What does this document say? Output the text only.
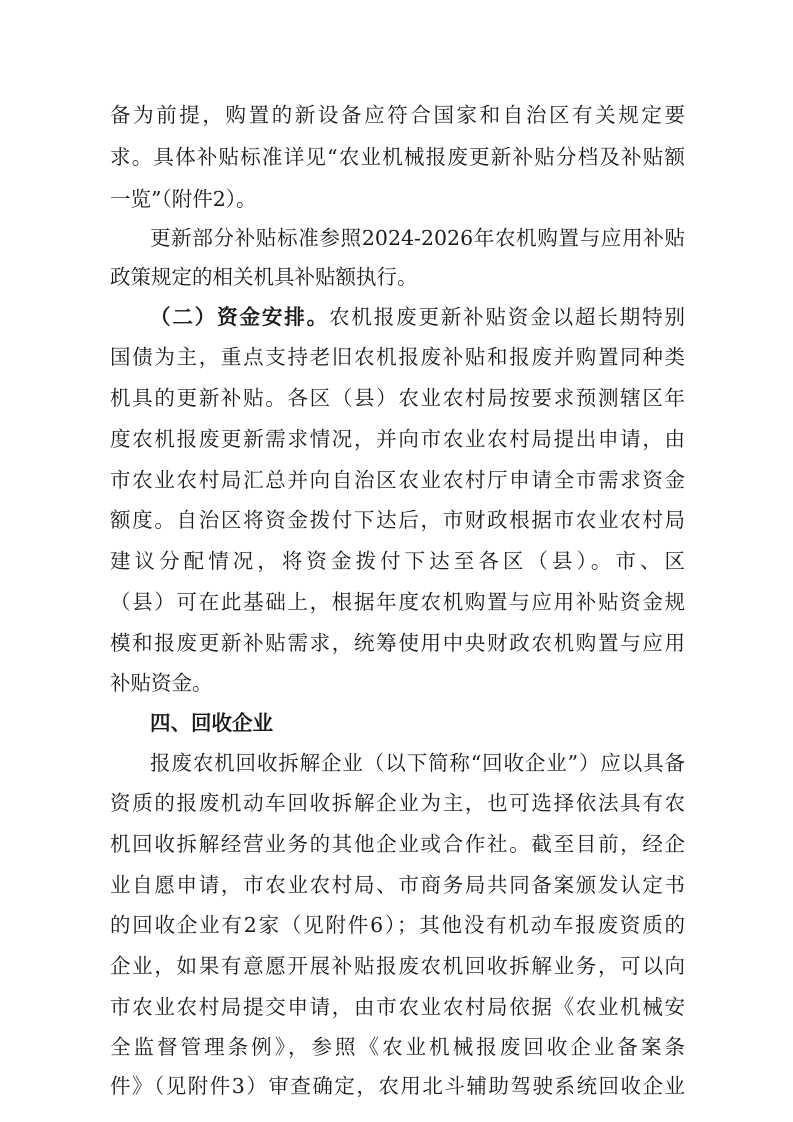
备为前提，购置的新设备应符合国家和自治区有关规定要
求。具体补贴标准详见“农业机械报废更新补贴分档及补贴额
一览”（附件2）。
更新部分补贴标准参照2024-2026年农机购置与应用补贴
政策规定的相关机具补贴额执行。
（二）资金安排。农机报废更新补贴资金以超长期特别
国债为主，重点支持老旧农机报废补贴和报废并购置同种类
机具的更新补贴。各区（县）农业农村局按要求预测辖区年
度农机报废更新需求情况，并向市农业农村局提出申请，由
市农业农村局汇总并向自治区农业农村厅申请全市需求资金
额度。自治区将资金拨付下达后，市财政根据市农业农村局
建议分配情况，将资金拨付下达至各区（县）。市、区
（县）可在此基础上，根据年度农机购置与应用补贴资金规
模和报废更新补贴需求，统筹使用中央财政农机购置与应用
补贴资金。
四、回收企业
报废农机回收拆解企业（以下简称“回收企业”）应以具备
资质的报废机动车回收拆解企业为主，也可选择依法具有农
机回收拆解经营业务的其他企业或合作社。截至目前，经企
业自愿申请，市农业农村局、市商务局共同备案颁发认定书
的回收企业有2家（见附件6）；其他没有机动车报废资质的
企业，如果有意愿开展补贴报废农机回收拆解业务，可以向
市农业农村局提交申请，由市农业农村局依据《农业机械安
全监督管理条例》，参照《农业机械报废回收企业备案条
件》（见附件3）审查确定，农用北斗辅助驾驶系统回收企业
